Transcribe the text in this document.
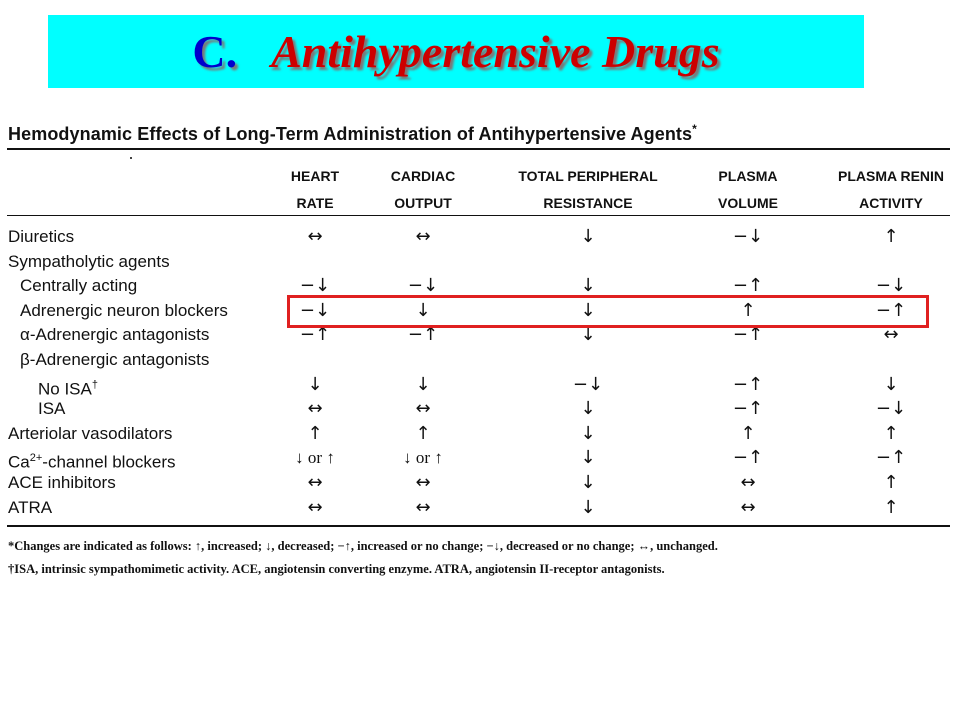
C. Antihypertensive Drugs
Hemodynamic Effects of Long-Term Administration of Antihypertensive Agents*
HEART
RATE
CARDIAC
OUTPUT
TOTAL PERIPHERAL
RESISTANCE
PLASMA
VOLUME
PLASMA RENIN
ACTIVITY
Diuretics	↔	↔	↓	−↓	↑
Sympatholytic agents
Centrally acting	−↓	−↓	↓	−↑	−↓
Adrenergic neuron blockers	−↓	↓	↓	↑	−↑
α-Adrenergic antagonists	−↑	−↑	↓	−↑	↔
β-Adrenergic antagonists
No ISA†	↓	↓	−↓	−↑	↓
ISA	↔	↔	↓	−↑	−↓
Arteriolar vasodilators	↑	↑	↓	↑	↑
$Ca^{2+}$-channel blockers	↓ or ↑	↓ or ↑	↓	−↑	−↑
ACE inhibitors	↔	↔	↓	↔	↑
ATRA	↔	↔	↓	↔	↑
*Changes are indicated as follows: ↑, increased; ↓, decreased; −↑, increased or no change; −↓, decreased or no change; ↔, unchanged.
†ISA, intrinsic sympathomimetic activity. ACE, angiotensin converting enzyme. ATRA, angiotensin II-receptor antagonists.
